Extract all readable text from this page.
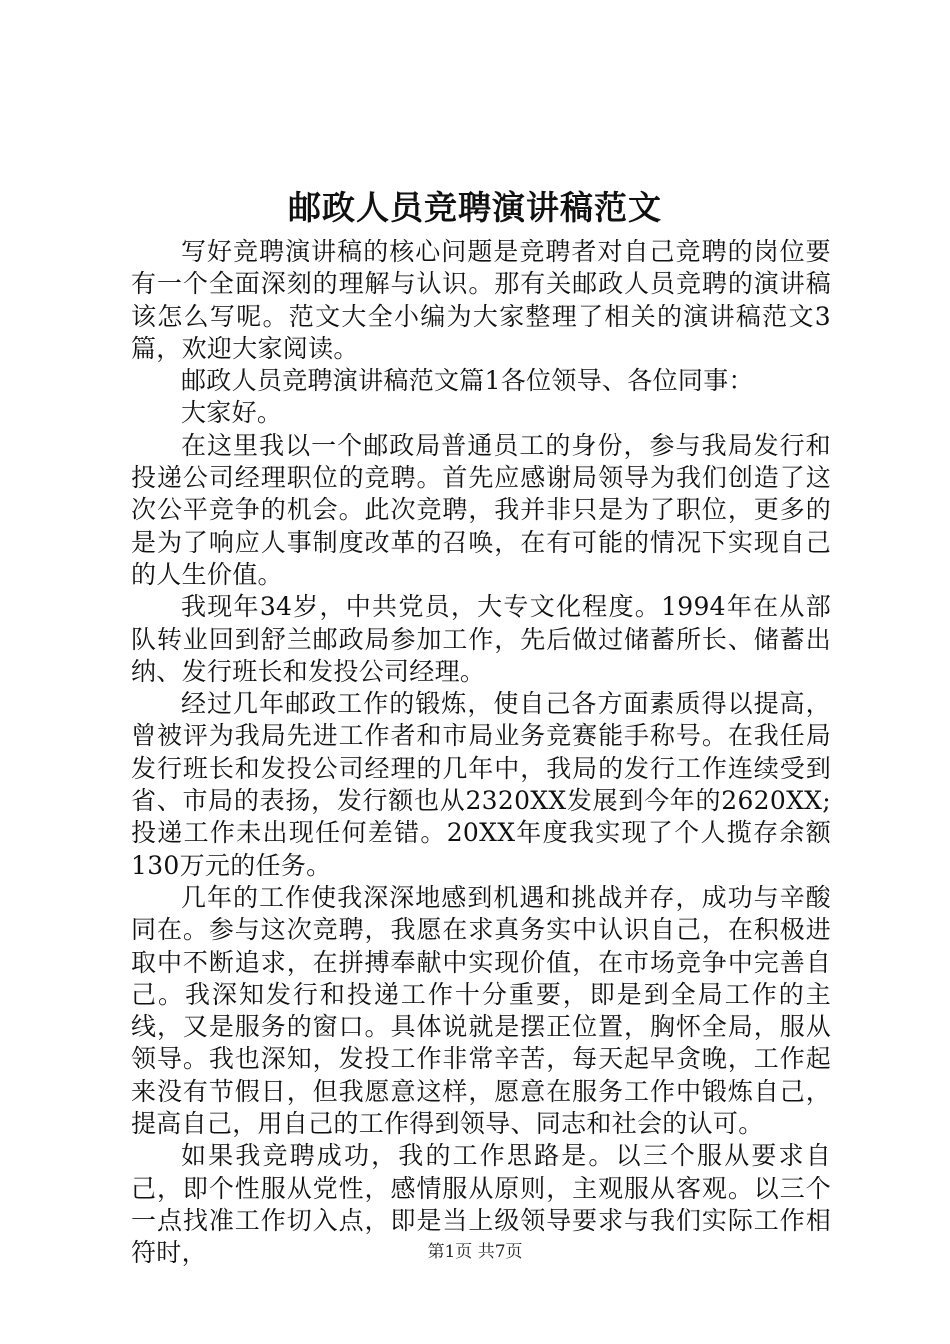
邮政人员竞聘演讲稿范文

写好竞聘演讲稿的核心问题是竞聘者对自己竞聘的岗位要有一个全面深刻的理解与认识。那有关邮政人员竞聘的演讲稿该怎么写呢。范文大全小编为大家整理了相关的演讲稿范文3篇，欢迎大家阅读。

邮政人员竞聘演讲稿范文篇1各位领导、各位同事：

大家好。

在这里我以一个邮政局普通员工的身份，参与我局发行和投递公司经理职位的竞聘。首先应感谢局领导为我们创造了这次公平竞争的机会。此次竞聘，我并非只是为了职位，更多的是为了响应人事制度改革的召唤，在有可能的情况下实现自己的人生价值。

我现年34岁，中共党员，大专文化程度。1994年在从部队转业回到舒兰邮政局参加工作，先后做过储蓄所长、储蓄出纳、发行班长和发投公司经理。

经过几年邮政工作的锻炼，使自己各方面素质得以提高，曾被评为我局先进工作者和市局业务竞赛能手称号。在我任局发行班长和发投公司经理的几年中，我局的发行工作连续受到省、市局的表扬，发行额也从2320XX发展到今年的2620XX;投递工作未出现任何差错。20XX年度我实现了个人揽存余额130万元的任务。

几年的工作使我深深地感到机遇和挑战并存，成功与辛酸同在。参与这次竞聘，我愿在求真务实中认识自己，在积极进取中不断追求，在拼搏奉献中实现价值，在市场竞争中完善自己。我深知发行和投递工作十分重要，即是到全局工作的主线，又是服务的窗口。具体说就是摆正位置，胸怀全局，服从领导。我也深知，发投工作非常辛苦，每天起早贪晚，工作起来没有节假日，但我愿意这样，愿意在服务工作中锻炼自己，提高自己，用自己的工作得到领导、同志和社会的认可。

如果我竞聘成功，我的工作思路是。以三个服从要求自己，即个性服从党性，感情服从原则，主观服从客观。以三个一点找准工作切入点，即是当上级领导要求与我们实际工作相符时，	第1页 共7页
